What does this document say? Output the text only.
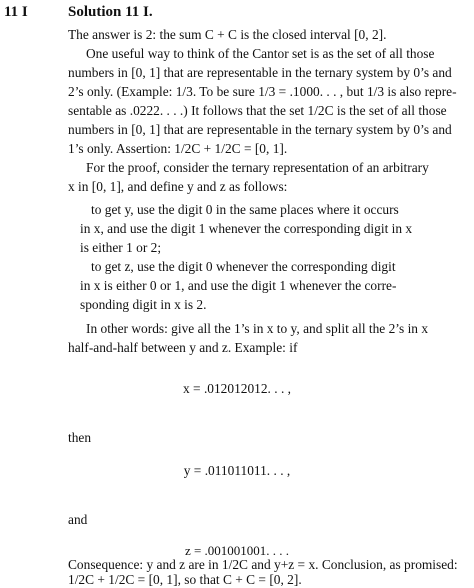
11 I	Solution 11 I.
The answer is 2: the sum C + C is the closed interval [0, 2].
One useful way to think of the Cantor set is as the set of all those
numbers in [0, 1] that are representable in the ternary system by 0’s and
2’s only. (Example: 1/3. To be sure 1/3 = .1000. . . , but 1/3 is also repre-
sentable as .0222. . . .) It follows that the set 1/2C is the set of all those
numbers in [0, 1] that are representable in the ternary system by 0’s and
1’s only. Assertion: 1/2C + 1/2C = [0, 1].
For the proof, consider the ternary representation of an arbitrary
x in [0, 1], and define y and z as follows:
to get y, use the digit 0 in the same places where it occurs
in x, and use the digit 1 whenever the corresponding digit in x
is either 1 or 2;
to get z, use the digit 0 whenever the corresponding digit
in x is either 0 or 1, and use the digit 1 whenever the corre-
sponding digit in x is 2.
In other words: give all the 1’s in x to y, and split all the 2’s in x
half-and-half between y and z. Example: if
x = .012012012. . . ,
then
y = .011011011. . . ,
and
z = .001001001. . . .
Consequence: y and z are in 1/2C and y+z = x. Conclusion, as promised:
1/2C + 1/2C = [0, 1], so that C + C = [0, 2].
